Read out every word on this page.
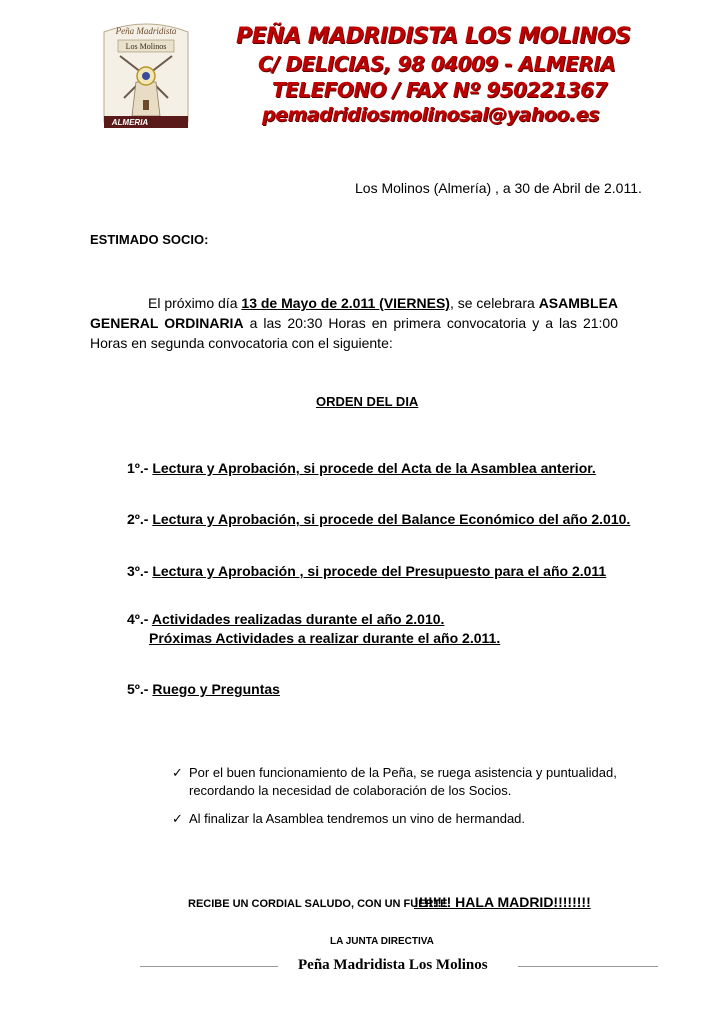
Peña Madridista
Los Molinos
ALMERIA
PEÑA MADRIDISTA LOS MOLINOS
C/ DELICIAS, 98 04009 - ALMERIA
TELEFONO / FAX Nº 950221367
pemadridiosmolinosal@yahoo.es
Los Molinos (Almería) , a 30 de Abril de 2.011.
ESTIMADO SOCIO:
El próximo día 13 de Mayo de 2.011 (VIERNES), se celebrara ASAMBLEA GENERAL ORDINARIA a las 20:30 Horas en primera convocatoria y a las 21:00 Horas en segunda convocatoria con el siguiente:
ORDEN DEL DIA
1º.- Lectura y Aprobación, si procede del Acta de la Asamblea anterior.
2º.- Lectura y Aprobación, si procede del Balance Económico del año 2.010.
3º.- Lectura y Aprobación , si procede del Presupuesto para el año 2.011
4º.- Actividades realizadas durante el año 2.010.
Próximas Actividades a realizar durante el año 2.011.
5º.- Ruego y Preguntas
✓ Por el buen funcionamiento de la Peña, se ruega asistencia y puntualidad,
recordando la necesidad de colaboración de los Socios.
✓ Al finalizar la Asamblea tendremos un vino de hermandad.
RECIBE UN CORDIAL SALUDO, CON UN FUERTE
!!!!!!!! HALA MADRID!!!!!!!!
LA JUNTA DIRECTIVA
Peña Madridista Los Molinos
